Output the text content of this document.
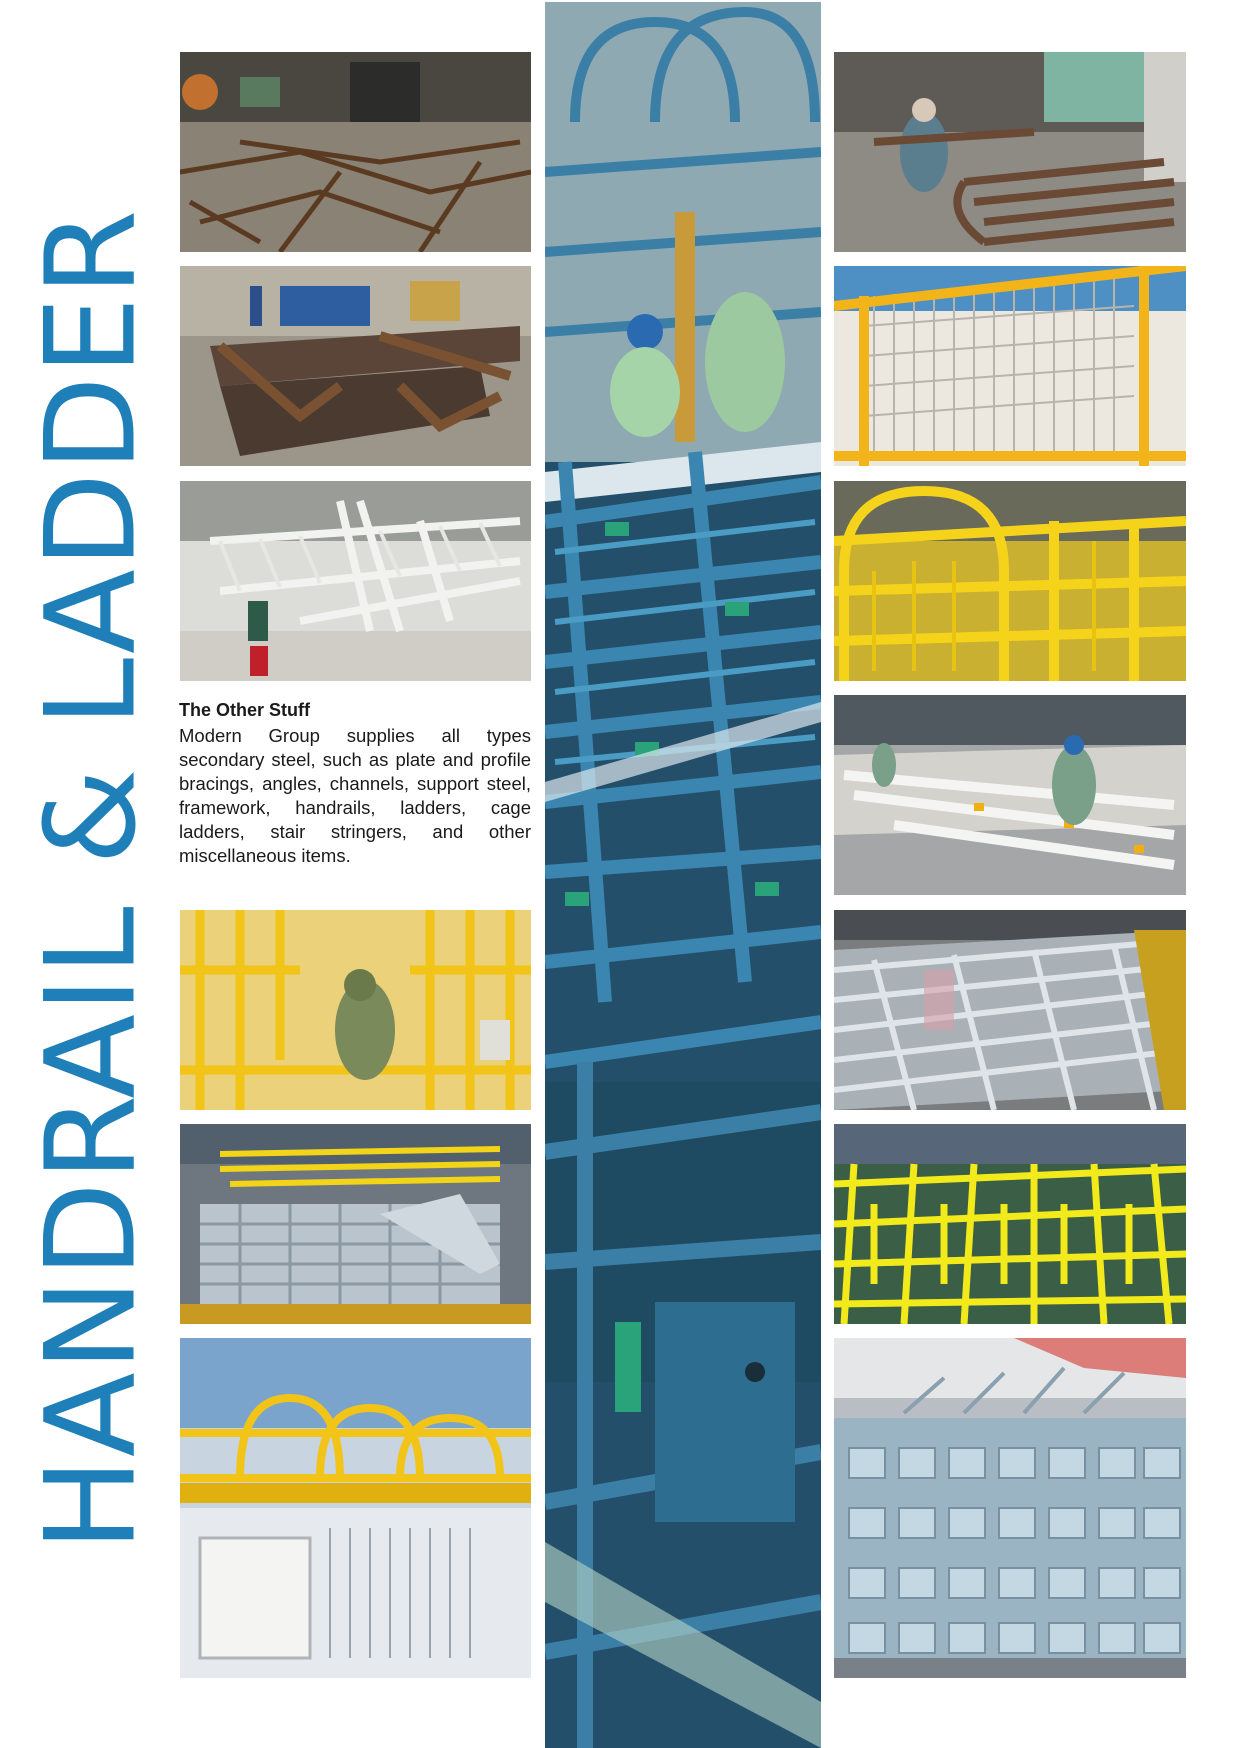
HANDRAIL & LADDER The Other Stuff

Modern Group supplies all types secondary steel, such as plate and profile bracings, angles, channels, support steel, framework, handrails, ladders, cage ladders, stair stringers, and other miscellaneous items.
